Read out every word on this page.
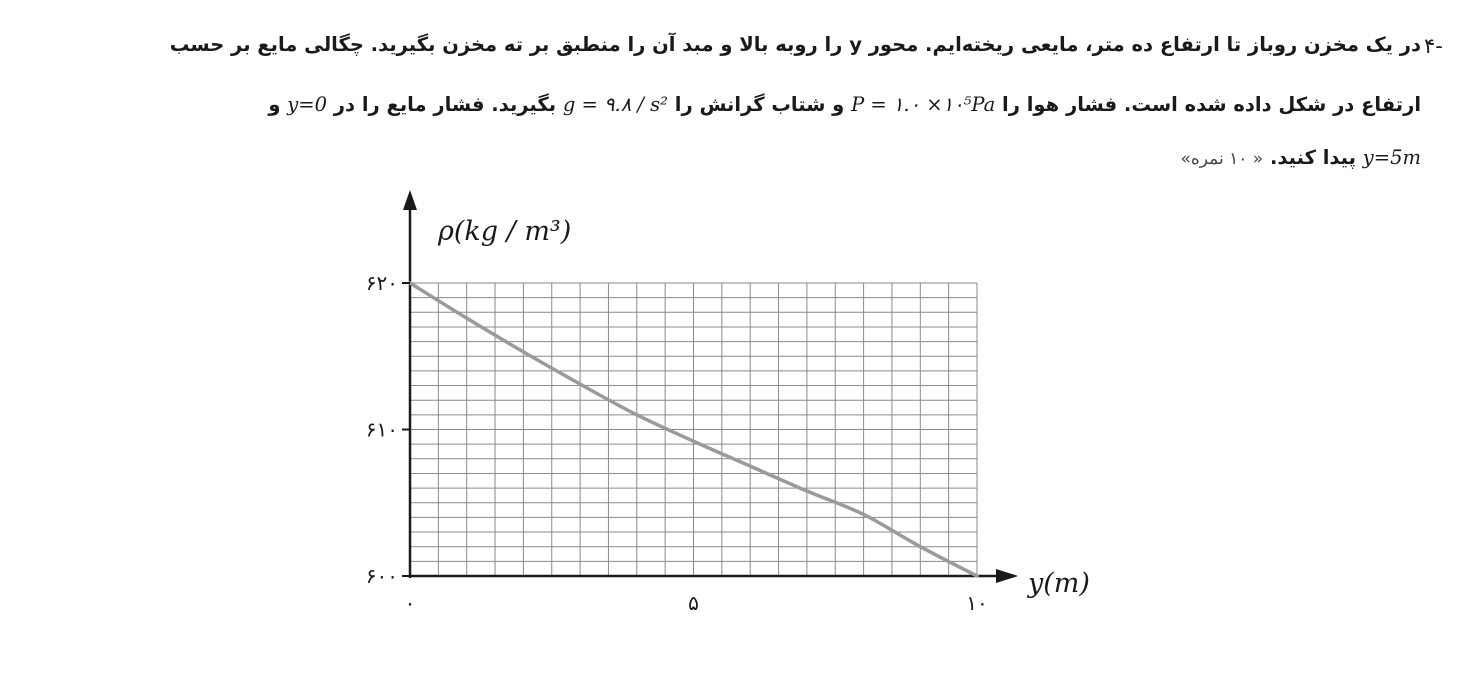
-۴
در یک مخزن روباز تا ارتفاع ده متر، مایعی ریخته‌ایم. محور y را روبه بالا و مبد آن را منطبق بر ته مخزن بگیرید. چگالی مایع بر حسب
ارتفاع در شکل داده شده است. فشار هوا را P = ۱.۰ ×۱۰⁵Pa و شتاب گرانش را g = ۹.۸ / s² بگیرید. فشار مایع را در y=0 و
y=5m پیدا کنید. « ۱۰ نمره»
ρ(kg / m³)
y(m)
۰	۵	۱۰
۶۰۰
۶۱۰
۶۲۰
